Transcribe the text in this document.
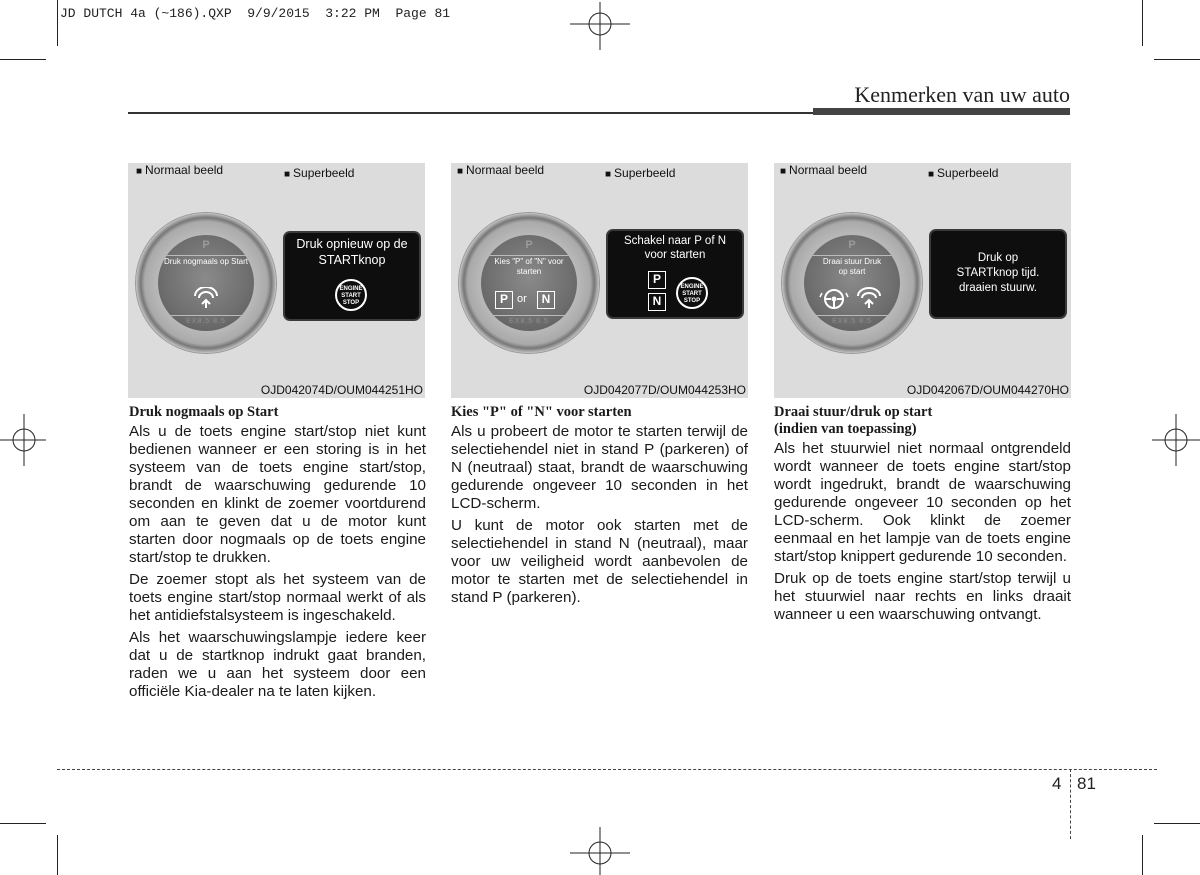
JD DUTCH 4a (~186).QXP  9/9/2015  3:22 PM  Page 81
Kenmerken van uw auto
■ Normaal beeld	■ Superbeeld
P
Druk nogmaals op Start
EX8.5 8.5
Druk opnieuw op de STARTknop
ENGINE START STOP
OJD042074D/OUM044251HO
■ Normaal beeld	■ Superbeeld
P
Kies "P" of "N" voor starten
P or	N
EX8.5 8.5
Schakel naar P of N voor starten
P
N
ENGINE START STOP
OJD042077D/OUM044253HO
■ Normaal beeld	■ Superbeeld
P
Draai stuur Druk op start
EX8.5 8.5
Druk op STARTknop tijd. draaien stuurw.
OJD042067D/OUM044270HO
Druk nogmaals op Start

Als u de toets engine start/stop niet kunt bedienen wanneer er een storing is in het systeem van de toets engine start/stop, brandt de waarschuwing gedurende 10 seconden en klinkt de zoemer voortdurend om aan te geven dat u de motor kunt starten door nogmaals op de toets engine start/stop te drukken.

De zoemer stopt als het systeem van de toets engine start/stop normaal werkt of als het antidiefstalsysteem is ingeschakeld.

Als het waarschuwingslampje iedere keer dat u de startknop indrukt gaat branden, raden we u aan het systeem door een officiële Kia-dealer na te laten kijken.

Kies "P" of "N" voor starten

Als u probeert de motor te starten terwijl de selectiehendel niet in stand P (parkeren) of N (neutraal) staat, brandt de waarschuwing gedurende ongeveer 10 seconden in het LCD-scherm.

U kunt de motor ook starten met de selectiehendel in stand N (neutraal), maar voor uw veiligheid wordt aanbevolen de motor te starten met de selectiehendel in stand P (parkeren).

Draai stuur/druk op start (indien van toepassing)

Als het stuurwiel niet normaal ontgrendeld wordt wanneer de toets engine start/stop wordt ingedrukt, brandt de waarschuwing gedurende ongeveer 10 seconden op het LCD-scherm. Ook klinkt de zoemer eenmaal en het lampje van de toets engine start/stop knippert gedurende 10 seconden.

Druk op de toets engine start/stop terwijl u het stuurwiel naar rechts en links draait wanneer u een waarschuwing ontvangt.

4 81
